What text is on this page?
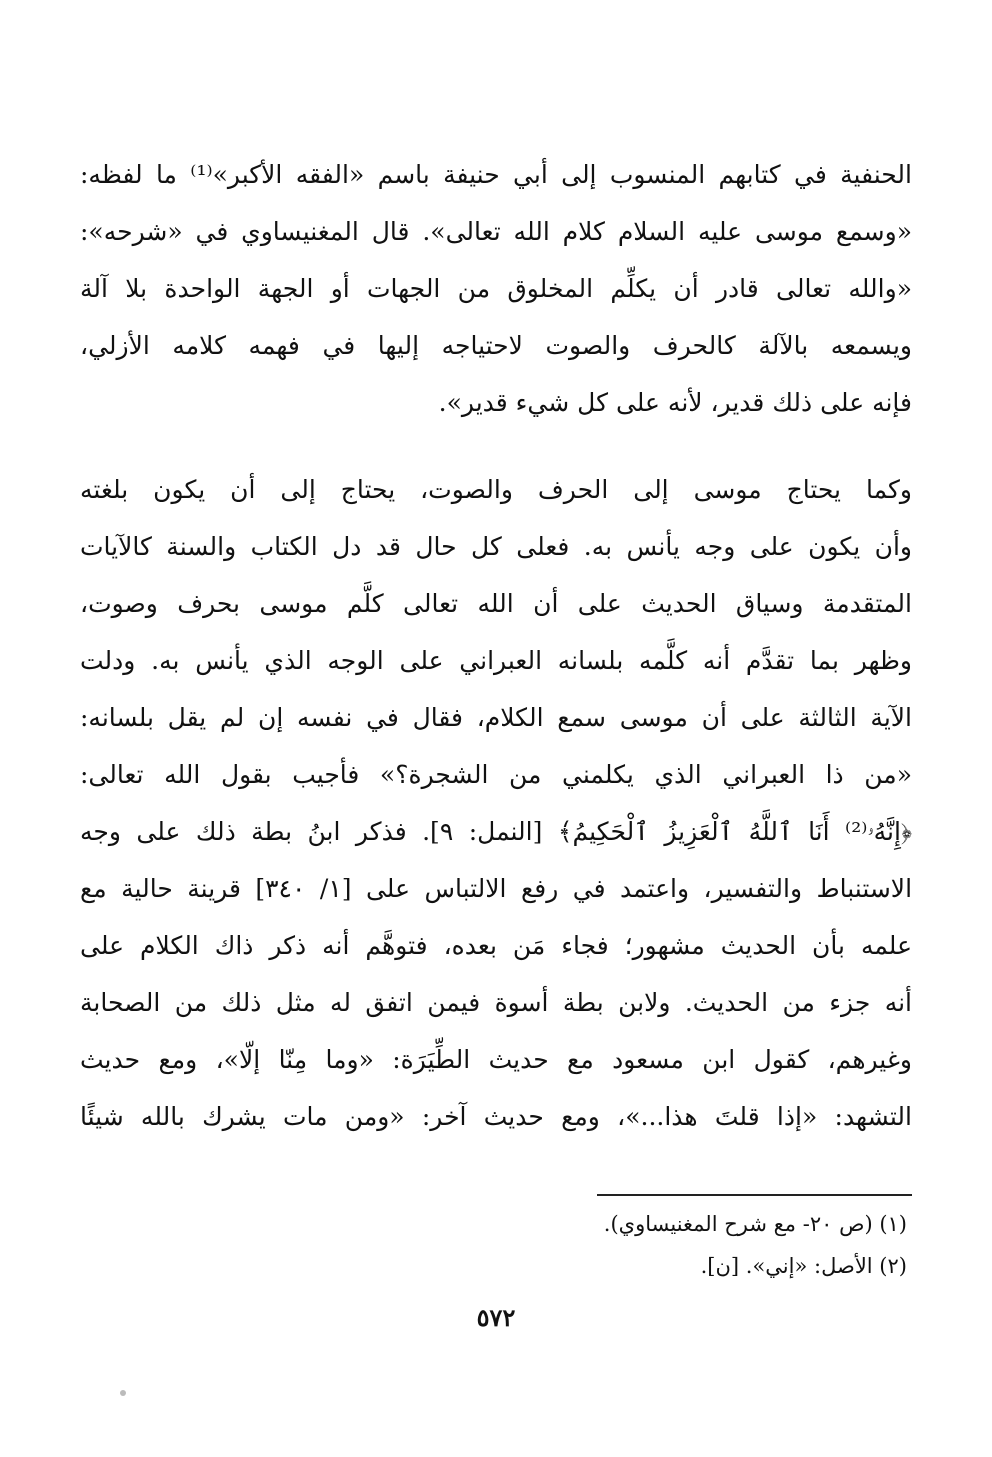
الحنفية في كتابهم المنسوب إلى أبي حنيفة باسم «الفقه الأكبر»⁽¹⁾ ما لفظه:
«وسمع موسى عليه السلام كلام الله تعالى». قال المغنيساوي في «شرحه»:
«والله تعالى قادر أن يكلِّم المخلوق من الجهات أو الجهة الواحدة بلا آلة
ويسمعه بالآلة كالحرف والصوت لاحتياجه إليها في فهمه كلامه الأزلي،
فإنه على ذلك قدير، لأنه على كل شيء قدير».
وكما يحتاج موسى إلى الحرف والصوت، يحتاج إلى أن يكون بلغته
وأن يكون على وجه يأنس به. فعلى كل حال قد دل الكتاب والسنة كالآيات
المتقدمة وسياق الحديث على أن الله تعالى كلَّم موسى بحرف وصوت،
وظهر بما تقدَّم أنه كلَّمه بلسانه العبراني على الوجه الذي يأنس به. ودلت
الآية الثالثة على أن موسى سمع الكلام، فقال في نفسه إن لم يقل بلسانه:
«من ذا العبراني الذي يكلمني من الشجرة؟» فأجيب بقول الله تعالى:
﴿إِنَّهُۥ⁽²⁾ أَنَا ٱللَّهُ ٱلْعَزِيزُ ٱلْحَكِيمُ﴾ [النمل: ٩]. فذكر ابنُ بطة ذلك على وجه
الاستنباط والتفسير، واعتمد في رفع الالتباس على [١/ ٣٤٠] قرينة حالية مع
علمه بأن الحديث مشهور؛ فجاء مَن بعده، فتوهَّم أنه ذكر ذاك الكلام على
أنه جزء من الحديث. ولابن بطة أسوة فيمن اتفق له مثل ذلك من الصحابة
وغيرهم، كقول ابن مسعود مع حديث الطِّيَرَة: «وما مِنّا إلّا»، ومع حديث
التشهد: «إذا قلتَ هذا...»، ومع حديث آخر: «ومن مات يشرك بالله شيئًا
(١) (ص ٢٠- مع شرح المغنيساوي).
(٢) الأصل: «إني». [ن].
٥٧٢
